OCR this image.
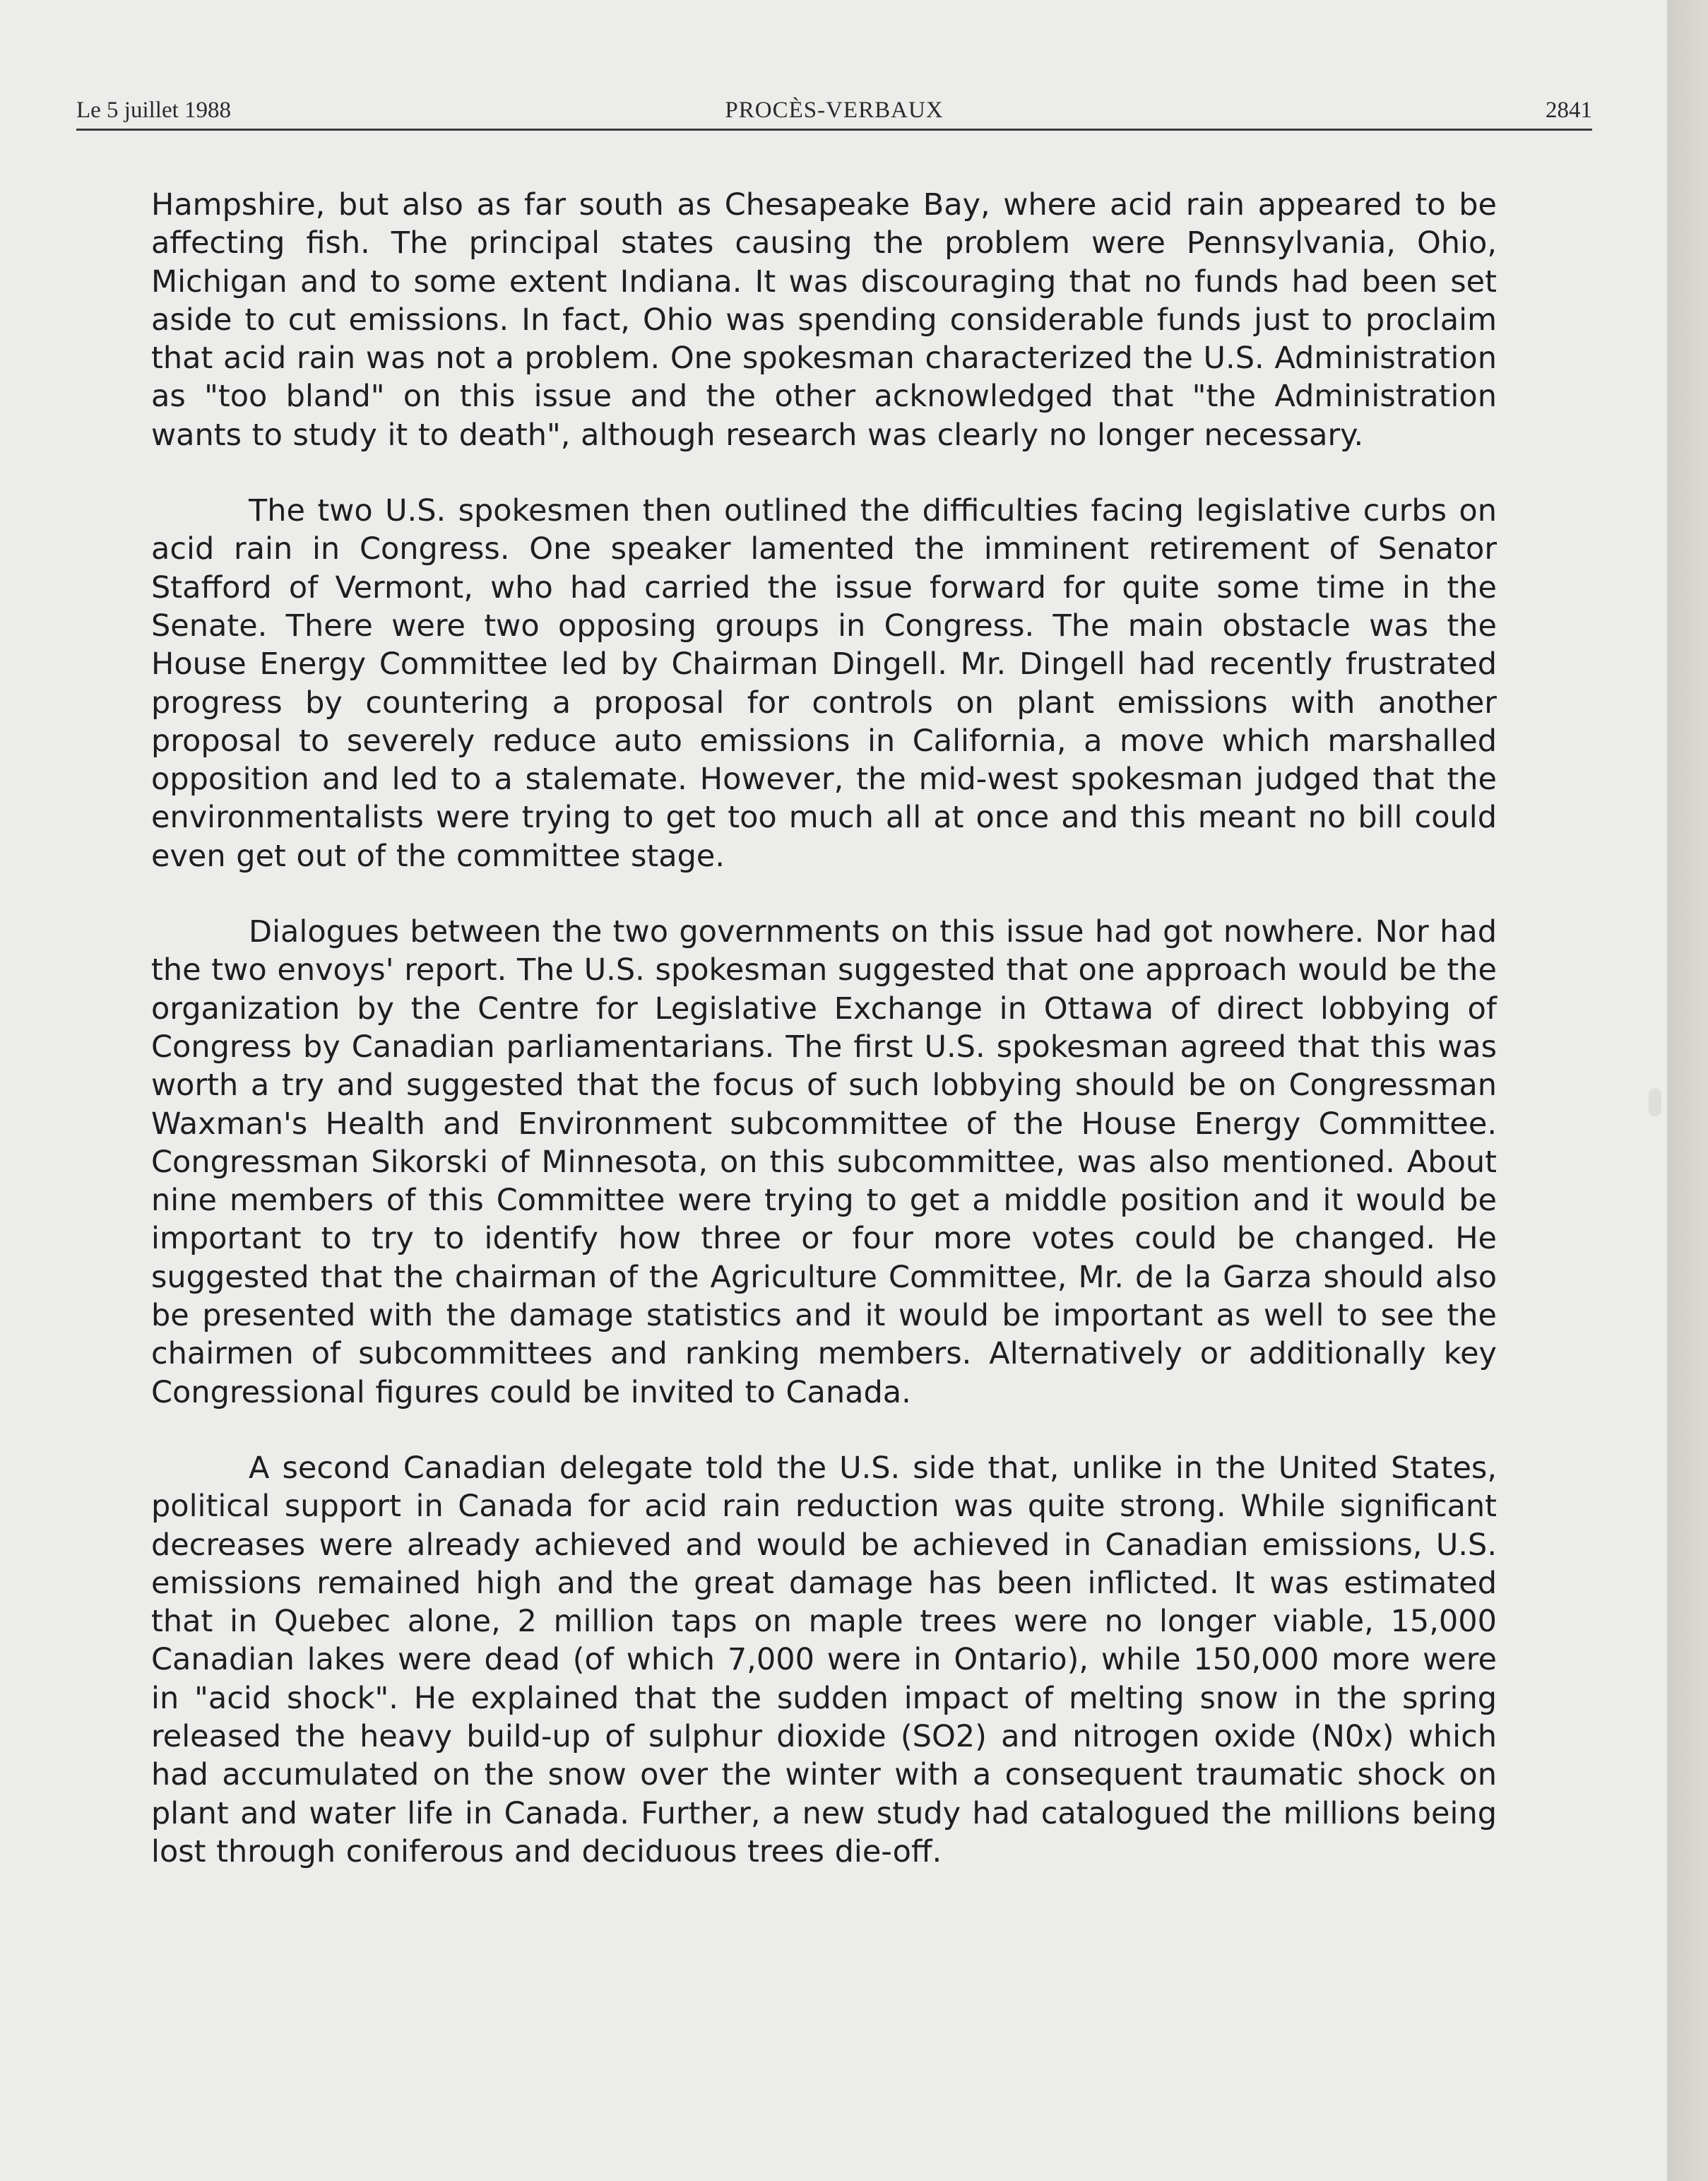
Le 5 juillet 1988	PROCÈS-VERBAUX	2841

Hampshire, but also as far south as Chesapeake Bay, where acid rain appeared to be affecting fish. The principal states causing the problem were Pennsylvania, Ohio, Michigan and to some extent Indiana. It was discouraging that no funds had been set aside to cut emissions. In fact, Ohio was spending considerable funds just to proclaim that acid rain was not a problem. One spokesman characterized the U.S. Administration as "too bland" on this issue and the other acknowledged that "the Administration wants to study it to death", although research was clearly no longer necessary.

The two U.S. spokesmen then outlined the difficulties facing legislative curbs on acid rain in Congress. One speaker lamented the imminent retirement of Senator Stafford of Vermont, who had carried the issue forward for quite some time in the Senate. There were two opposing groups in Congress. The main obstacle was the House Energy Committee led by Chairman Dingell. Mr. Dingell had recently frustrated progress by countering a proposal for controls on plant emissions with another proposal to severely reduce auto emissions in California, a move which marshalled opposition and led to a stalemate. However, the mid-west spokesman judged that the environmentalists were trying to get too much all at once and this meant no bill could even get out of the committee stage.

Dialogues between the two governments on this issue had got nowhere. Nor had the two envoys' report. The U.S. spokesman suggested that one approach would be the organization by the Centre for Legislative Exchange in Ottawa of direct lobbying of Congress by Canadian parliamentarians. The first U.S. spokesman agreed that this was worth a try and suggested that the focus of such lobbying should be on Congressman Waxman's Health and Environment subcommittee of the House Energy Committee. Congressman Sikorski of Minnesota, on this subcommittee, was also mentioned. About nine members of this Committee were trying to get a middle position and it would be important to try to identify how three or four more votes could be changed. He suggested that the chairman of the Agriculture Committee, Mr. de la Garza should also be presented with the damage statistics and it would be important as well to see the chairmen of subcommittees and ranking members. Alternatively or additionally key Congressional figures could be invited to Canada.

A second Canadian delegate told the U.S. side that, unlike in the United States, political support in Canada for acid rain reduction was quite strong. While significant decreases were already achieved and would be achieved in Canadian emissions, U.S. emissions remained high and the great damage has been inflicted. It was estimated that in Quebec alone, 2 million taps on maple trees were no longer viable, 15,000 Canadian lakes were dead (of which 7,000 were in Ontario), while 150,000 more were in "acid shock". He explained that the sudden impact of melting snow in the spring released the heavy build-up of sulphur dioxide (SO2) and nitrogen oxide (N0x) which had accumulated on the snow over the winter with a consequent traumatic shock on plant and water life in Canada. Further, a new study had catalogued the millions being lost through coniferous and deciduous trees die-off.
